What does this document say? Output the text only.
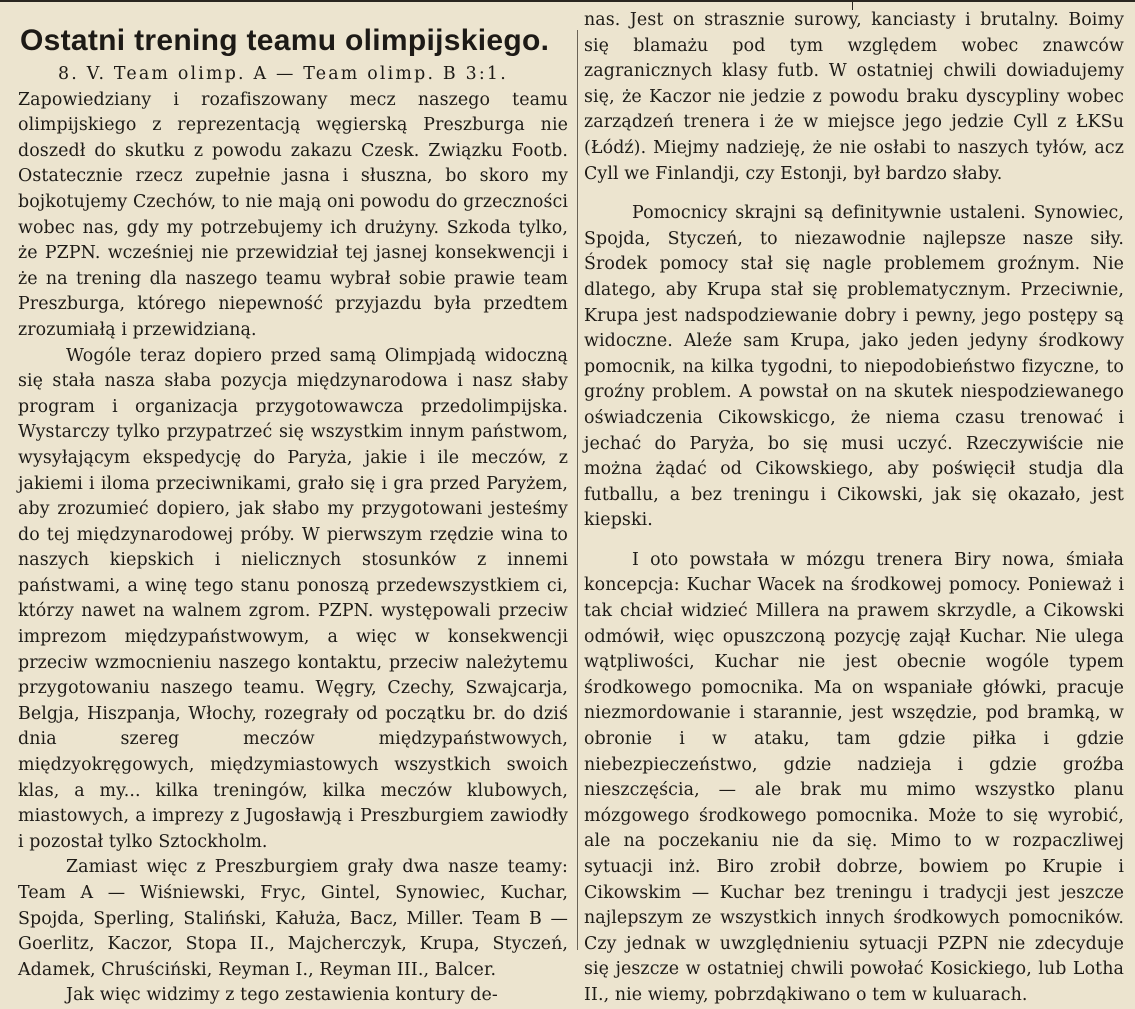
Ostatni trening teamu olimpijskiego.

8. V. Team olimp. A — Team olimp. B 3:1.

Zapowiedziany i rozafiszowany mecz naszego teamu olimpijskiego z reprezentacją węgierską Preszburga nie doszedł do skutku z powodu zakazu Czesk. Związku Footb. Ostatecznie rzecz zupełnie jasna i słuszna, bo skoro my bojkotujemy Czechów, to nie mają oni powodu do grzeczności wobec nas, gdy my potrzebujemy ich drużyny. Szkoda tylko, że PZPN. wcześniej nie przewidział tej jasnej konsekwencji i że na trening dla naszego teamu wybrał sobie prawie team Preszburga, którego niepewność przyjazdu była przedtem zrozumiałą i przewidzianą.

Wogóle teraz dopiero przed samą Olimpjadą widoczną się stała nasza słaba pozycja międzynarodowa i nasz słaby program i organizacja przygotowawcza przedolimpijska. Wystarczy tylko przypatrzeć się wszystkim innym państwom, wysyłającym ekspedycję do Paryża, jakie i ile meczów, z jakiemi i iloma przeciwnikami, grało się i gra przed Paryżem, aby zrozumieć dopiero, jak słabo my przygotowani jesteśmy do tej międzynarodowej próby. W pierwszym rzędzie wina to naszych kiepskich i nielicznych stosunków z innemi państwami, a winę tego stanu ponoszą przedewszystkiem ci, którzy nawet na walnem zgrom. PZPN. występowali przeciw imprezom międzypaństwowym, a więc w konsekwencji przeciw wzmocnieniu naszego kontaktu, przeciw należytemu przygotowaniu naszego teamu. Węgry, Czechy, Szwajcarja, Belgja, Hiszpanja, Włochy, rozegrały od początku br. do dziś dnia szereg meczów międzypaństwowych, międzyokręgowych, międzymiastowych wszystkich swoich klas, a my... kilka treningów, kilka meczów klubowych, miastowych, a imprezy z Jugosławją i Preszburgiem zawiodły i pozostał tylko Sztockholm.

Zamiast więc z Preszburgiem grały dwa nasze teamy: Team A — Wiśniewski, Fryc, Gintel, Synowiec, Kuchar, Spojda, Sperling, Staliński, Kałuża, Bacz, Miller. Team B — Goerlitz, Kaczor, Stopa II., Majcherczyk, Krupa, Styczeń, Adamek, Chruściński, Reyman I., Reyman III., Balcer.

Jak więc widzimy z tego zestawienia kontury de-

nas. Jest on strasznie surowy, kanciasty i brutalny. Boimy się blamażu pod tym względem wobec znawców zagranicznych klasy futb. W ostatniej chwili dowiadujemy się, że Kaczor nie jedzie z powodu braku dyscypliny wobec zarządzeń trenera i że w miejsce jego jedzie Cyll z ŁKSu (Łódź). Miejmy nadzieję, że nie osłabi to naszych tyłów, acz Cyll we Finlandji, czy Estonji, był bardzo słaby.

Pomocnicy skrajni są definitywnie ustaleni. Synowiec, Spojda, Styczeń, to niezawodnie najlepsze nasze siły. Środek pomocy stał się nagle problemem groźnym. Nie dlatego, aby Krupa stał się problematycznym. Przeciwnie, Krupa jest nadspodziewanie dobry i pewny, jego postępy są widoczne. Aleźe sam Krupa, jako jeden jedyny środkowy pomocnik, na kilka tygodni, to niepodobieństwo fizyczne, to groźny problem. A powstał on na skutek niespodziewanego oświadczenia Cikowskicgo, że niema czasu trenować i jechać do Paryża, bo się musi uczyć. Rzeczywiście nie można żądać od Cikowskiego, aby poświęcił studja dla futballu, a bez treningu i Cikowski, jak się okazało, jest kiepski.

I oto powstała w mózgu trenera Biry nowa, śmiała koncepcja: Kuchar Wacek na środkowej pomocy. Ponieważ i tak chciał widzieć Millera na prawem skrzydle, a Cikowski odmówił, więc opuszczoną pozycję zajął Kuchar. Nie ulega wątpliwości, Kuchar nie jest obecnie wogóle typem środkowego pomocnika. Ma on wspaniałe główki, pracuje niezmordowanie i starannie, jest wszędzie, pod bramką, w obronie i w ataku, tam gdzie piłka i gdzie niebezpieczeństwo, gdzie nadzieja i gdzie groźba nieszczęścia, — ale brak mu mimo wszystko planu mózgowego środkowego pomocnika. Może to się wyrobić, ale na poczekaniu nie da się. Mimo to w rozpaczliwej sytuacji inż. Biro zrobił dobrze, bowiem po Krupie i Cikowskim — Kuchar bez treningu i tradycji jest jeszcze najlepszym ze wszystkich innych środkowych pomocników. Czy jednak w uwzględnieniu sytuacji PZPN nie zdecyduje się jeszcze w ostatniej chwili powołać Kosickiego, lub Lotha II., nie wiemy, pobrzdąkiwano o tem w kuluarach.
